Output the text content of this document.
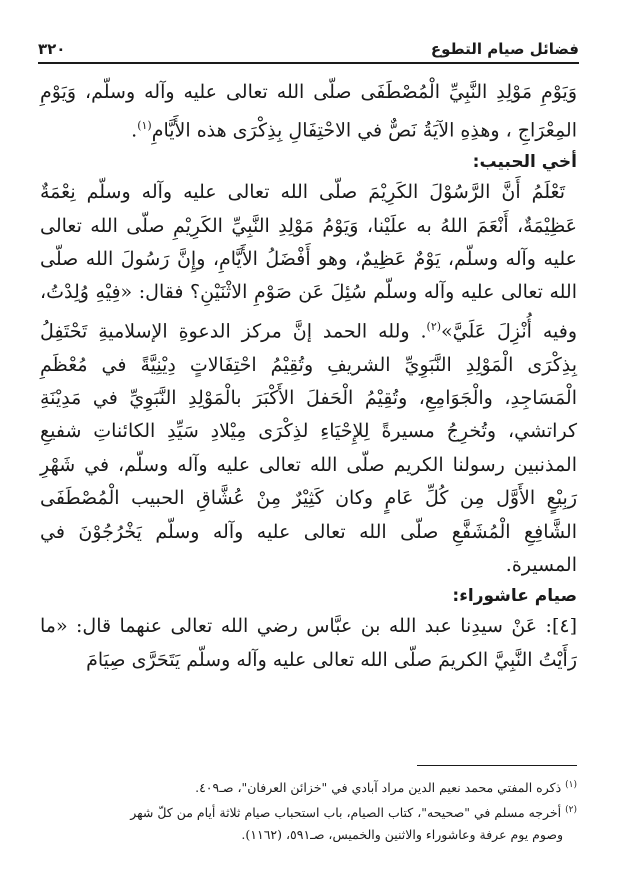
فضائل صيام التطوع
٣٢٠

وَيَوْمِ مَوْلِدِ النَّبِيِّ الْمُصْطَفَى صلّى الله تعالى عليه وآله وسلّم، وَيَوْمِ المِعْرَاجِ ، وهذِهِ الآيَةُ نَصٌّ في الاحْتِفَالِ بِذِكْرَى هذه الأَيَّامِ$^{(١)}$.

أخي الحبيب:

تَعْلَمُ أَنَّ الرَّسُوْلَ الكَرِيْمَ صلّى الله تعالى عليه وآله وسلّم نِعْمَةٌ عَظِيْمَةٌ، أَنْعَمَ اللهُ به علَيْنا، وَيَوْمُ مَوْلِدِ النَّبِيِّ الكَرِيْمِ صلّى الله تعالى عليه وآله وسلّم، يَوْمٌ عَظِيمٌ، وهو أَفْضَلُ الأَيَّامِ، وإِنَّ رَسُولَ الله صلّى الله تعالى عليه وآله وسلّم سُئِلَ عَن صَوْمِ الاثْنَيْنِ؟ فقال: «فِيْهِ وُلِدْتُ، وفيه أُنْزِلَ عَلَيَّ»$^{(٢)}$. ولله الحمد إنَّ مركز الدعوةِ الإسلاميةِ تَحْتَفِلُ بِذِكْرَى الْمَوْلِدِ النَّبَوِيِّ الشريفِ وتُقِيْمُ احْتِفَالاتٍ دِيْنِيَّةً في مُعْظَمِ الْمَسَاجِدِ، والْجَوَامِعِ، وتُقِيْمُ الْحَفلَ الأَكْبَرَ بالْمَوْلِدِ النَّبَوِيِّ في مَدِيْنَةِ كراتشي، وتُخرِجُ مسيرةً لِلإِحْيَاءِ لذِكْرَى مِيْلادِ سَيِّدِ الكائناتِ شفيعِ المذنبين رسولنا الكريم صلّى الله تعالى عليه وآله وسلّم، في شَهْرِ رَبِيْعٍ الأَوَّل مِن كُلِّ عَامٍ وكان كَثِيْرٌ مِنْ عُشَّاقِ الحبيب الْمُصْطَفَى الشَّافِعِ الْمُشَفَّعِ صلّى الله تعالى عليه وآله وسلّم يَخْرُجُوْنَ في المسيرة.

صيام عاشوراء:

[٤]: عَنْ سيدِنا عبد الله بن عبَّاس رضي الله تعالى عنهما قال: «ما رَأَيْتُ النَّبِيَّ الكريمَ صلّى الله تعالى عليه وآله وسلّم يَتَحَرَّى صِيَامَ

$^{(١)}$ ذكره المفتي محمد نعيم الدين مراد آبادي في "خزائن العرفان"، صـ٤٠٩.

$^{(٢)}$ أخرجه مسلم في "صحيحه"، كتاب الصيام، باب استحباب صيام ثلاثة أيام من كلّ شهر

وصوم يوم عرفة وعاشوراء والاثنين والخميس، صـ٥٩١، (١١٦٢).
